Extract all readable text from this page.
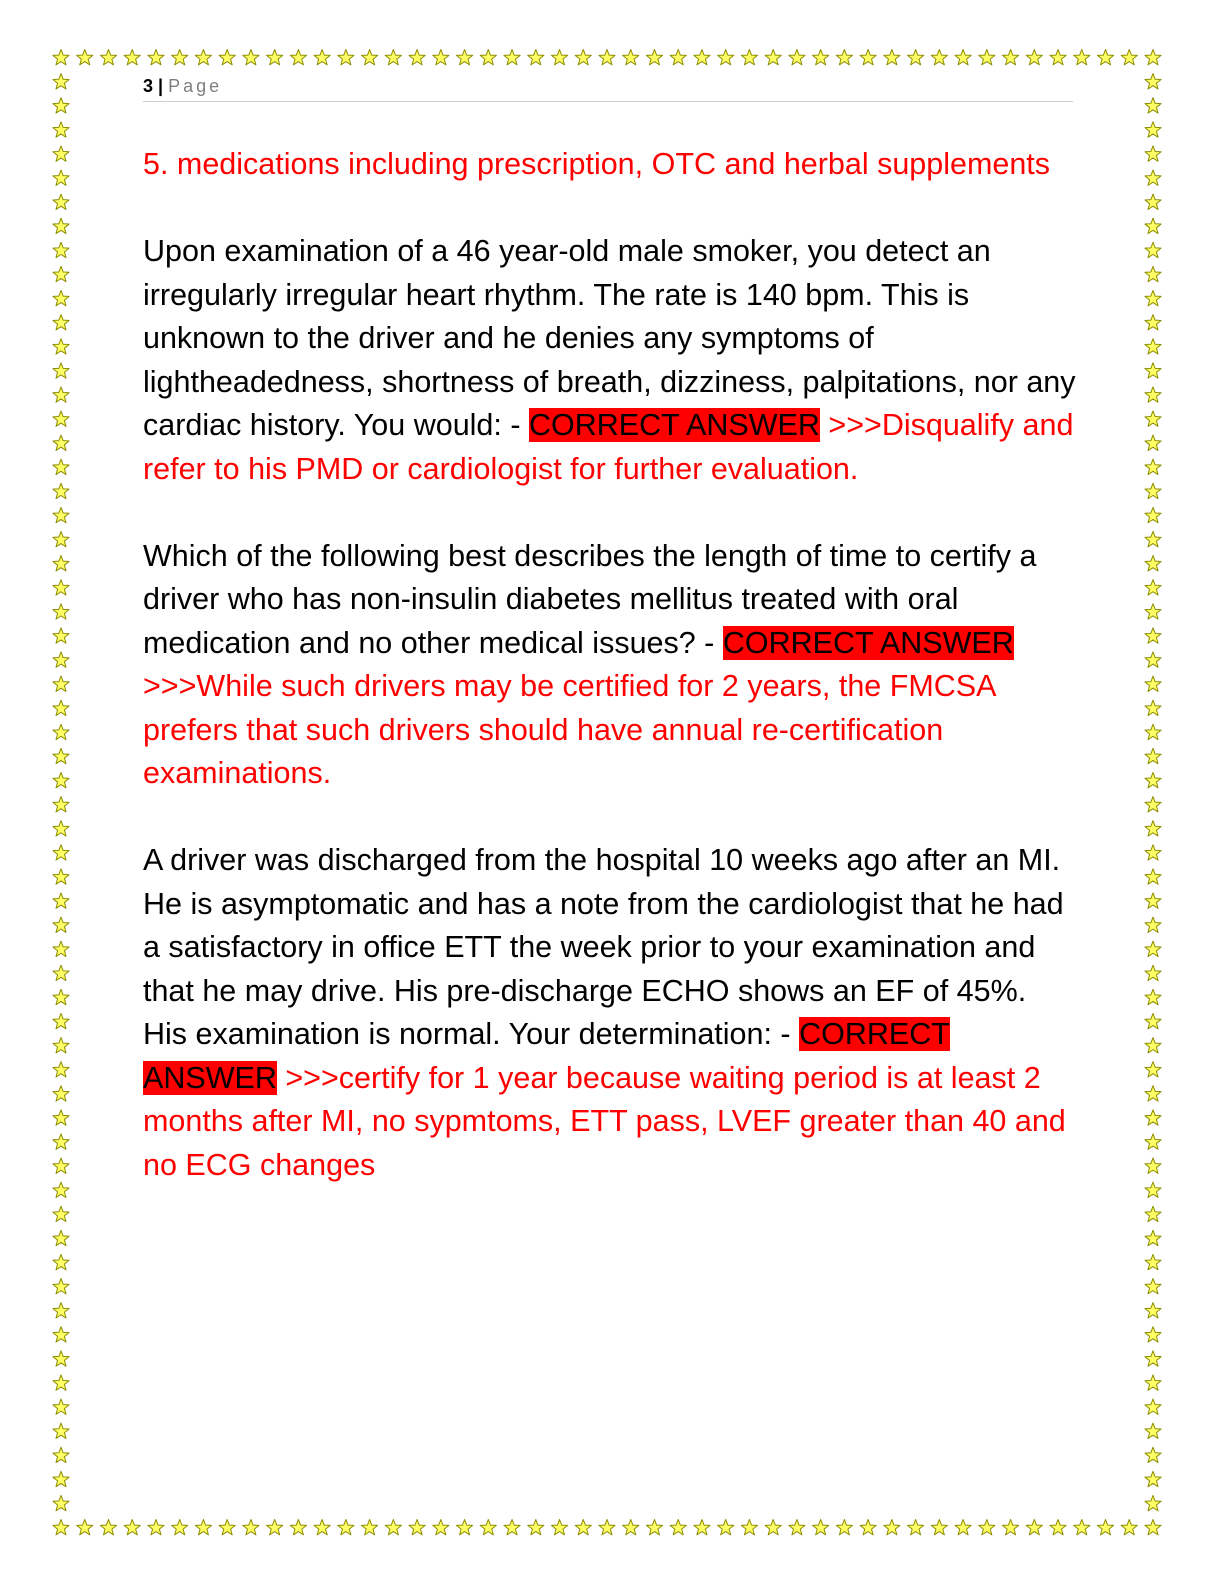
3 | Page

5. medications including prescription, OTC and herbal supplements

Upon examination of a 46 year-old male smoker, you detect an irregularly irregular heart rhythm. The rate is 140 bpm. This is unknown to the driver and he denies any symptoms of lightheadedness, shortness of breath, dizziness, palpitations, nor any cardiac history. You would: - CORRECT ANSWER >>>Disqualify and refer to his PMD or cardiologist for further evaluation.

Which of the following best describes the length of time to certify a driver who has non-insulin diabetes mellitus treated with oral medication and no other medical issues? - CORRECT ANSWER >>>While such drivers may be certified for 2 years, the FMCSA prefers that such drivers should have annual re-certification examinations.

A driver was discharged from the hospital 10 weeks ago after an MI. He is asymptomatic and has a note from the cardiologist that he had a satisfactory in office ETT the week prior to your examination and that he may drive. His pre-discharge ECHO shows an EF of 45%. His examination is normal. Your determination: - CORRECT ANSWER >>>certify for 1 year because waiting period is at least 2 months after MI, no sypmtoms, ETT pass, LVEF greater than 40 and no ECG changes
